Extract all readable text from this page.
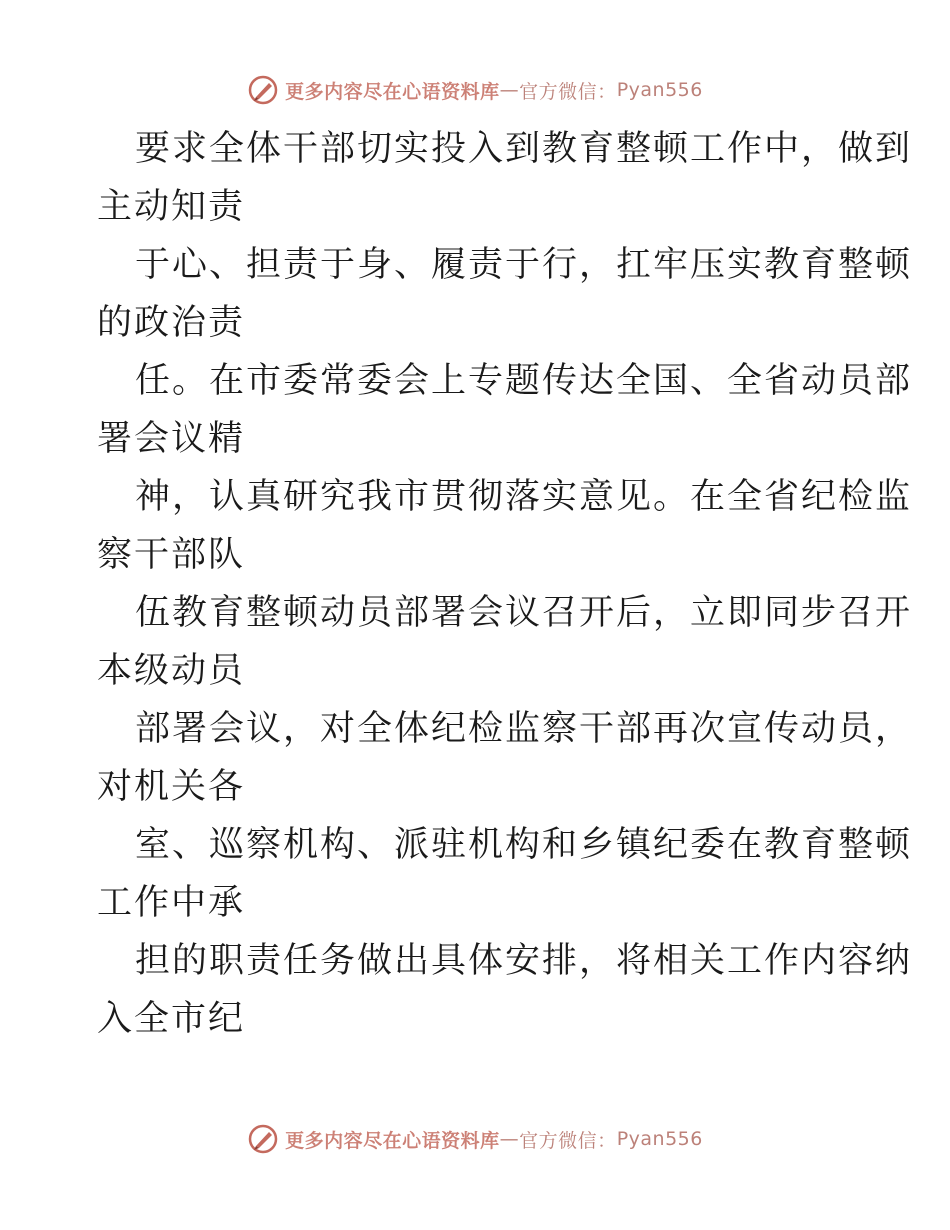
更多内容尽在心语资料库 — 官方微信： Pyan556

要求全体干部切实投入到教育整顿工作中，做到
主动知责

于心、担责于身、履责于行，扛牢压实教育整顿
的政治责

任。在市委常委会上专题传达全国、全省动员部
署会议精

神，认真研究我市贯彻落实意见。在全省纪检监
察干部队

伍教育整顿动员部署会议召开后，立即同步召开
本级动员

部署会议，对全体纪检监察干部再次宣传动员，
对机关各

室、巡察机构、派驻机构和乡镇纪委在教育整顿
工作中承

担的职责任务做出具体安排，将相关工作内容纳
入全市纪

更多内容尽在心语资料库 — 官方微信： Pyan556
